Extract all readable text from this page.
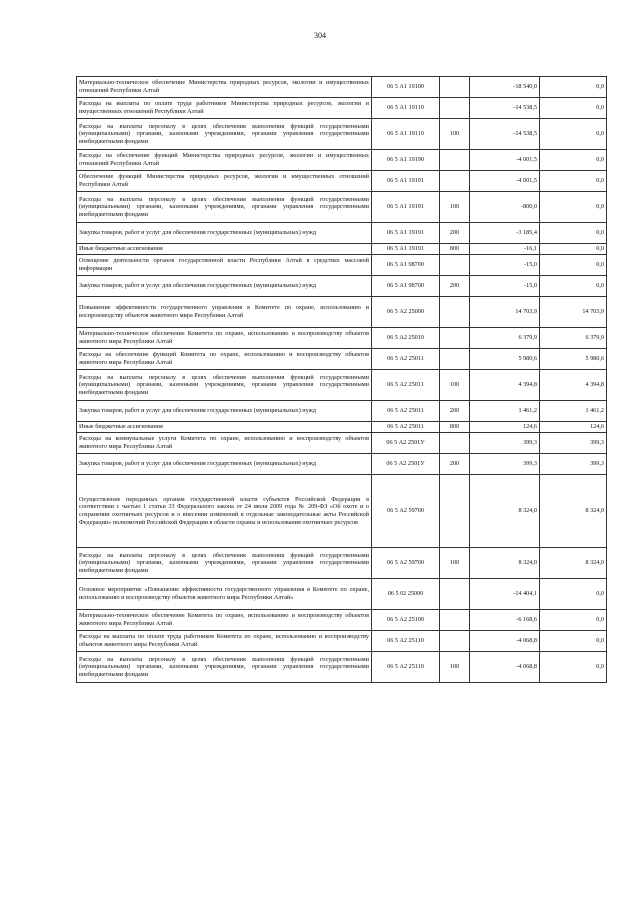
304
Материально-техническое обеспечение Министерства природных ресурсов, экологии и имущественных отношений Республики Алтай	06 5 А1 19100		-18 540,0	0,0
Расходы на выплаты по оплате труда работников Министерства природных ресурсов, экологии и имущественных отношений Республики Алтай	06 5 А1 19110		-14 538,5	0,0
Расходы на выплаты персоналу в целях обеспечения выполнения функций государственными (муниципальными) органами, казенными учреждениями, органами управления государственными внебюджетными фондами	06 5 А1 19110	100	-14 538,5	0,0
Расходы на обеспечение функций Министерства природных ресурсов, экологии и имущественных отношений Республики Алтай	06 5 А1 19190		-4 001,5	0,0
Обеспечение функций Министерства природных ресурсов, экологии и имущественных отношений Республики Алтай	06 5 А1 19191		-4 001,5	0,0
Расходы на выплаты персоналу в целях обеспечения выполнения функций государственными (муниципальными) органами, казенными учреждениями, органами управления государственными внебюджетными фондами	06 5 А1 19191	100	-800,0	0,0
Закупка товаров, работ и услуг для обеспечения государственных (муниципальных) нужд	06 5 А1 19191	200	-3 185,4	0,0
Иные бюджетные ассигнования	06 5 А1 19191	800	-16,1	0,0
Освещение деятельности органов государственной власти Республики Алтай в средствах массовой информации	06 5 А1 98700		-15,0	0,0
Закупка товаров, работ и услуг для обеспечения государственных (муниципальных) нужд	06 5 А1 98700	200	-15,0	0,0
Повышение эффективности государственного управления в Комитете по охране, использованию и воспроизводству объектов животного мира Республики Алтай	06 5 А2 25000		14 703,9	14 703,9
Материально-техническое обеспечение Комитета по охране, использованию и воспроизводству объектов животного мира Республики Алтай	06 5 А2 25010		6 379,9	6 379,9
Расходы на обеспечение функций Комитета по охране, использованию и воспроизводству объектов животного мира Республики Алтай	06 5 А2 25011		5 980,6	5 980,6
Расходы на выплаты персоналу в целях обеспечения выполнения функций государственными (муниципальными) органами, казенными учреждениями, органами управления государственными внебюджетными фондами	06 5 А2 25011	100	4 394,8	4 394,8
Закупка товаров, работ и услуг для обеспечения государственных (муниципальных) нужд	06 5 А2 25011	200	1 461,2	1 461,2
Иные бюджетные ассигнования	06 5 А2 25011	800	124,6	124,6
Расходы на коммунальные услуги Комитета по охране, использованию и воспроизводству объектов животного мира Республики Алтай	06 5 А2 2501У		399,3	399,3
Закупка товаров, работ и услуг для обеспечения государственных (муниципальных) нужд	06 5 А2 2501У	200	399,3	399,3
Осуществление переданных органам государственной власти субъектов Российской Федерации в соответствии с частью 1 статьи 33 Федерального закона от 24 июля 2009 года № 209-ФЗ «Об охоте и о сохранении охотничьих ресурсов и о внесении изменений в отдельные законодательные акты Российской Федерации» полномочий Российской Федерации в области охраны и использования охотничьих ресурсов	06 5 А2 59700		8 324,0	8 324,0
Расходы на выплаты персоналу в целях обеспечения выполнения функций государственными (муниципальными) органами, казенными учреждениями, органами управления государственными внебюджетными фондами	06 5 А2 59700	100	8 324,0	8 324,0
Основное мероприятие «Повышение эффективности государственного управления в Комитете по охране, использованию и воспроизводству объектов животного мира Республики Алтай»	06 5 02 25000		-14 404,1	0,0
Материально-техническое обеспечение Комитета по охране, использованию и воспроизводству объектов животного мира Республики Алтай	06 5 А2 25100		-6 168,6	0,0
Расходы на выплаты по оплате труда работников Комитета по охране, использованию и воспроизводству объектов животного мира Республики Алтай	06 5 А2 25110		-4 068,8	0,0
Расходы на выплаты персоналу в целях обеспечения выполнения функций государственными (муниципальными) органами, казенными учреждениями, органами управления государственными внебюджетными фондами	06 5 А2 25110	100	-4 068,8	0,0
